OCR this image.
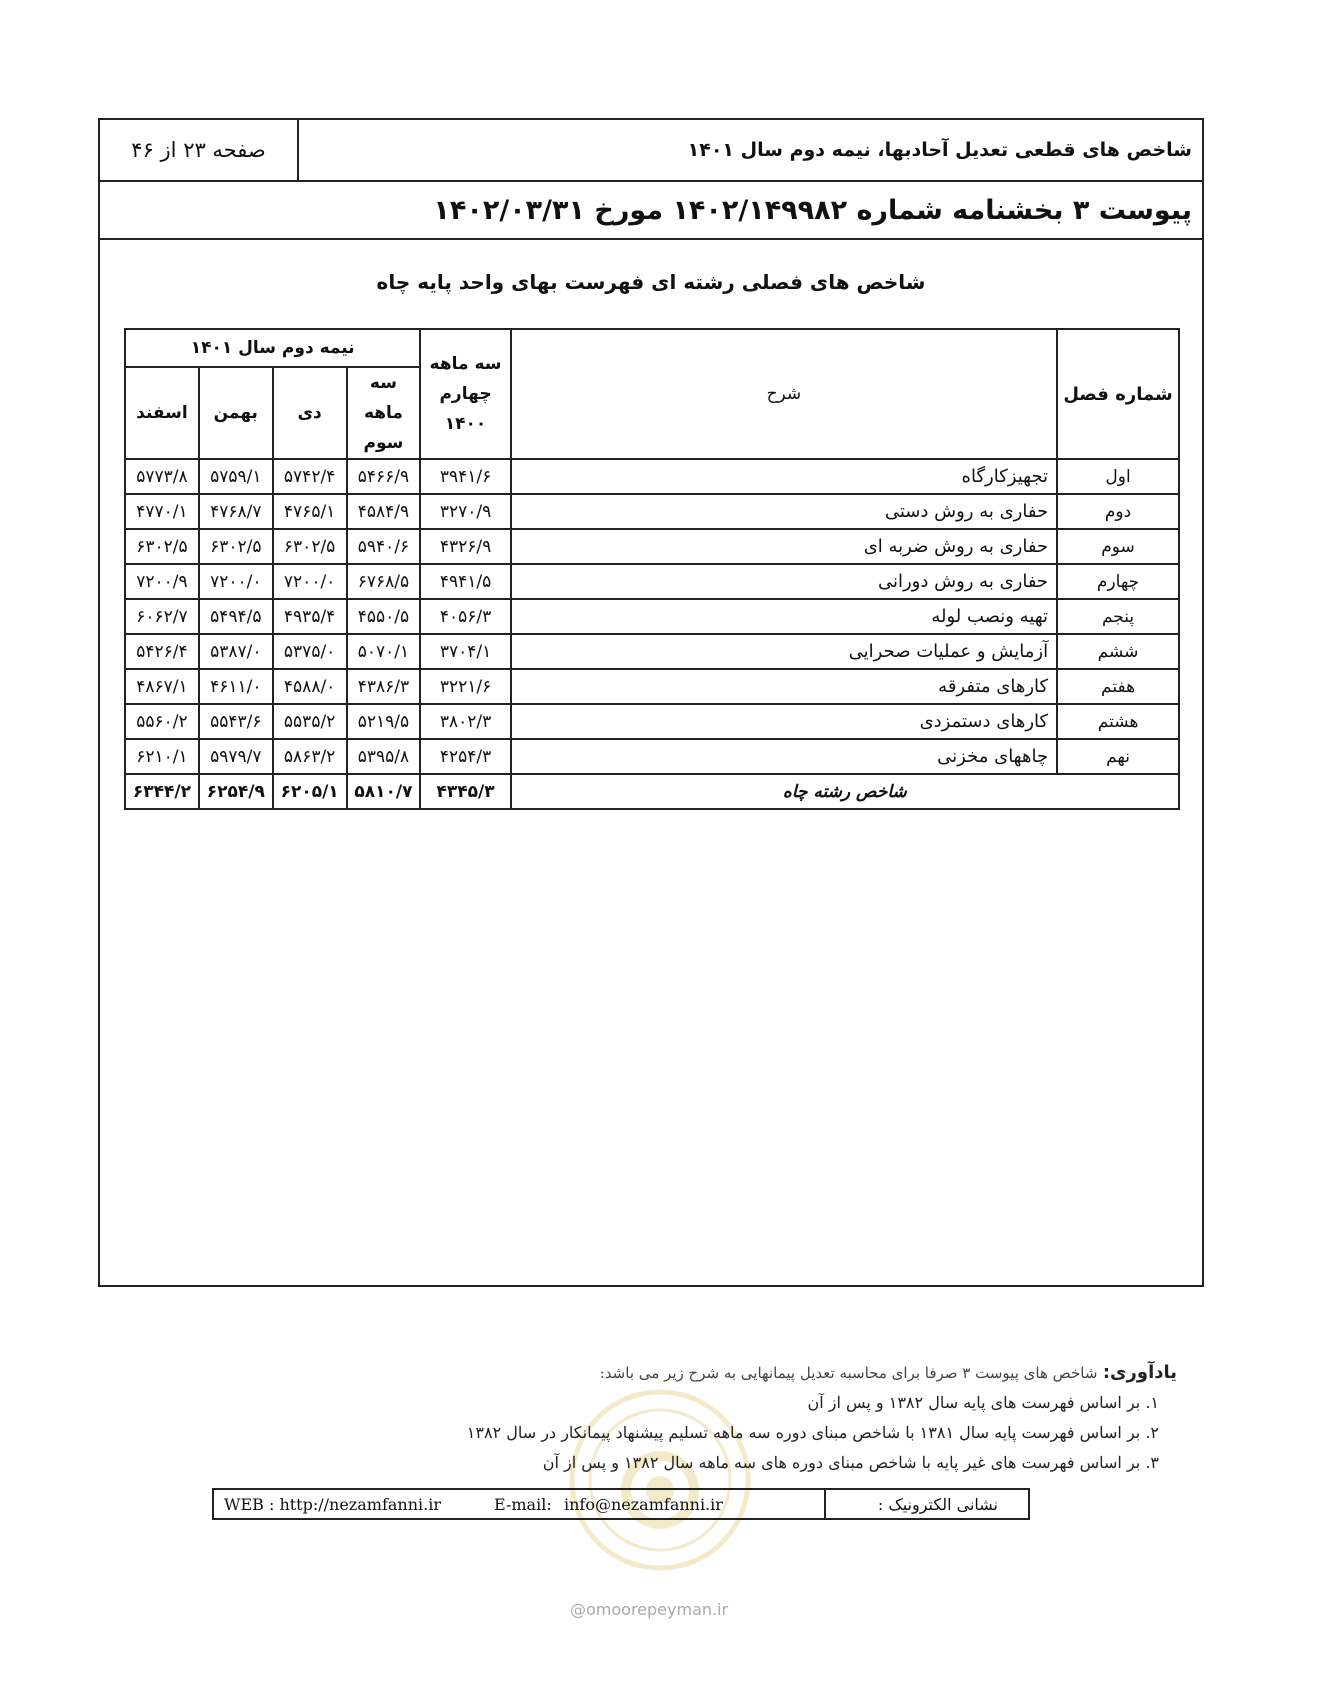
شاخص های قطعی تعدیل آحادبها، نیمه دوم سال ۱۴۰۱
صفحه ۲۳ از ۴۶
پیوست ۳ بخشنامه شماره ۱۴۰۲/۱۴۹۹۸۲ مورخ ۱۴۰۲/۰۳/۳۱
شاخص های فصلی رشته ای فهرست بهای واحد پایه چاه
شماره فصل	شرح	سه ماهه چهارم ۱۴۰۰	نیمه دوم سال ۱۴۰۱			
			سه ماهه سوم	دی	بهمن	اسفند
اول	تجهیزکارگاه	۳۹۴۱/۶	۵۴۶۶/۹	۵۷۴۲/۴	۵۷۵۹/۱	۵۷۷۳/۸
دوم	حفاری به روش دستی	۳۲۷۰/۹	۴۵۸۴/۹	۴۷۶۵/۱	۴۷۶۸/۷	۴۷۷۰/۱
سوم	حفاری به روش ضربه ای	۴۳۲۶/۹	۵۹۴۰/۶	۶۳۰۲/۵	۶۳۰۲/۵	۶۳۰۲/۵
چهارم	حفاری به روش دورانی	۴۹۴۱/۵	۶۷۶۸/۵	۷۲۰۰/۰	۷۲۰۰/۰	۷۲۰۰/۹
پنجم	تهیه ونصب لوله	۴۰۵۶/۳	۴۵۵۰/۵	۴۹۳۵/۴	۵۴۹۴/۵	۶۰۶۲/۷
ششم	آزمایش و عملیات صحرایی	۳۷۰۴/۱	۵۰۷۰/۱	۵۳۷۵/۰	۵۳۸۷/۰	۵۴۲۶/۴
هفتم	کارهای متفرقه	۳۲۲۱/۶	۴۳۸۶/۳	۴۵۸۸/۰	۴۶۱۱/۰	۴۸۶۷/۱
هشتم	کارهای دستمزدی	۳۸۰۲/۳	۵۲۱۹/۵	۵۵۳۵/۲	۵۵۴۳/۶	۵۵۶۰/۲
نهم	چاههای مخزنی	۴۲۵۴/۳	۵۳۹۵/۸	۵۸۶۳/۲	۵۹۷۹/۷	۶۲۱۰/۱
شاخص رشته چاه		۴۳۴۵/۳	۵۸۱۰/۷	۶۲۰۵/۱	۶۲۵۴/۹	۶۳۴۴/۲
یادآوری: شاخص های پیوست ۳ صرفا برای محاسبه تعدیل پیمانهایی به شرح زیر می باشد:
۱. بر اساس فهرست های پایه سال ۱۳۸۲ و پس از آن
۲. بر اساس فهرست پایه سال ۱۳۸۱ با شاخص مبنای دوره سه ماهه تسلیم پیشنهاد پیمانکار در سال ۱۳۸۲
۳. بر اساس فهرست های غیر پایه با شاخص مبنای دوره های سه ماهه سال ۱۳۸۲ و پس از آن
نشانی الکترونیک :
WEB : http://nezamfanni.ir	E-mail: info@nezamfanni.ir
@omoorepeyman.ir
